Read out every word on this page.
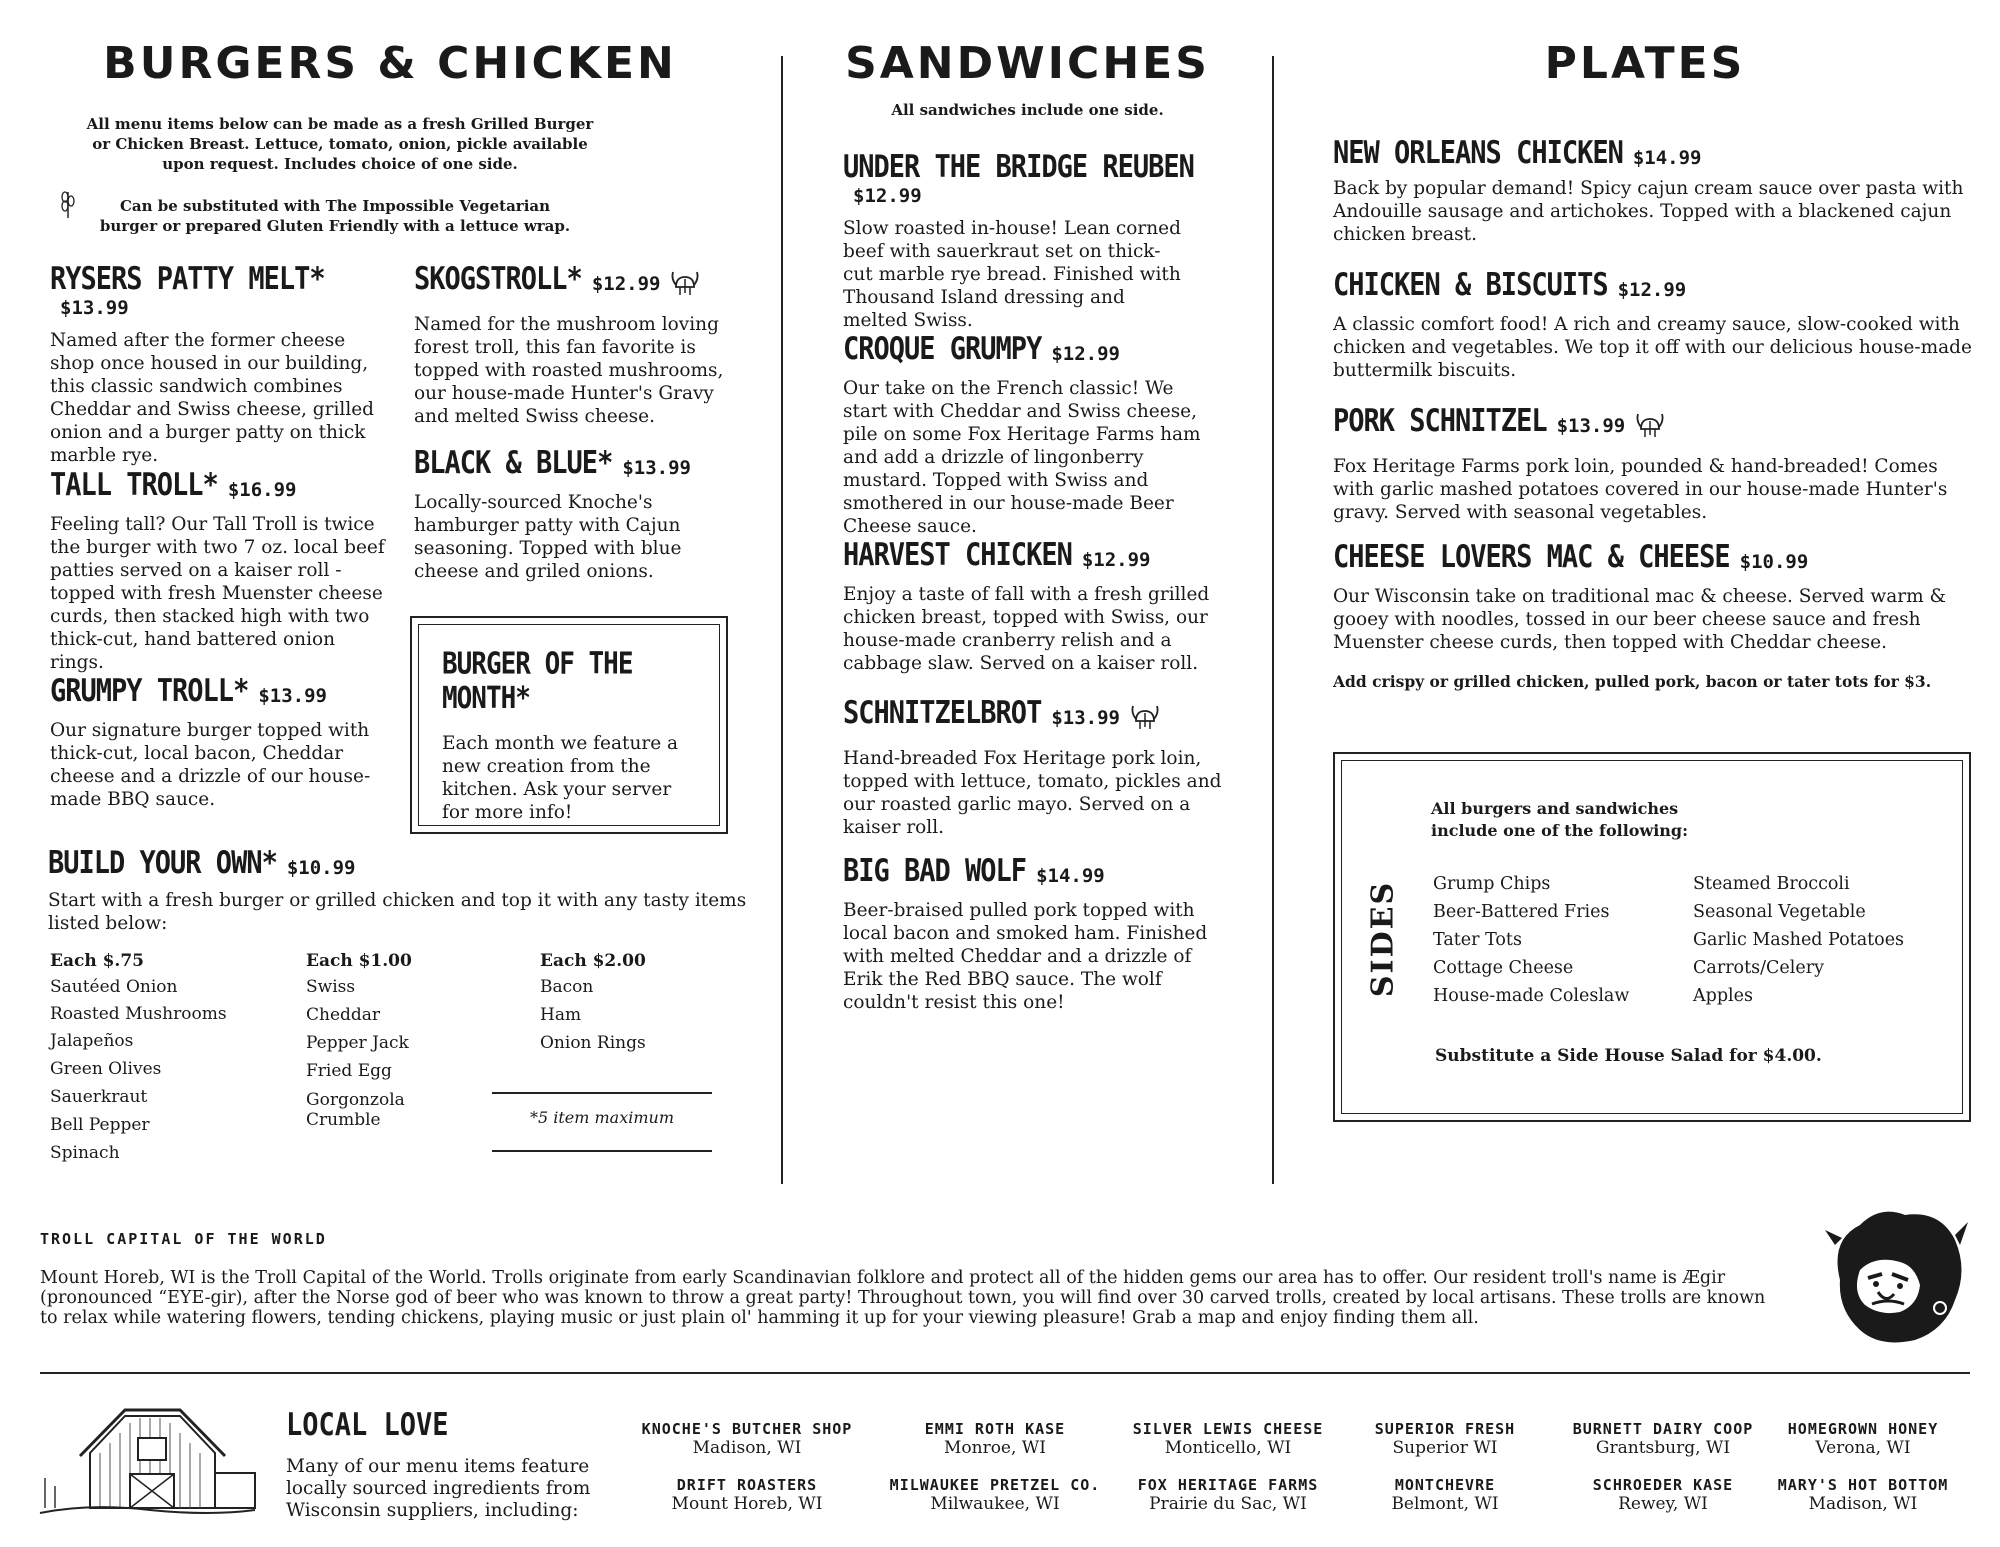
BURGERS & CHICKEN
All menu items below can be made as a fresh Grilled Burger or Chicken Breast. Lettuce, tomato, onion, pickle available upon request. Includes choice of one side.
Can be substituted with The Impossible Vegetarian burger or prepared Gluten Friendly with a lettuce wrap.
RYSERS PATTY MELT*$13.99

Named after the former cheese shop once housed in our building, this classic sandwich combines Cheddar and Swiss cheese, grilled onion and a burger patty on thick marble rye.

TALL TROLL* $16.99

Feeling tall? Our Tall Troll is twice the burger with two 7 oz. local beef patties served on a kaiser roll - topped with fresh Muenster cheese curds, then stacked high with two thick-cut, hand battered onion rings.

GRUMPY TROLL* $13.99

Our signature burger topped with thick-cut, local bacon, Cheddar cheese and a drizzle of our house-made BBQ sauce.

SKOGSTROLL* $12.99

Named for the mushroom loving forest troll, this fan favorite is topped with roasted mushrooms, our house-made Hunter's Gravy and melted Swiss cheese.

BLACK & BLUE* $13.99

Locally-sourced Knoche's hamburger patty with Cajun seasoning. Topped with blue cheese and griled onions.

BURGER OF THE MONTH*

Each month we feature a new creation from the kitchen. Ask your server for more info!

BUILD YOUR OWN* $10.99

Start with a fresh burger or grilled chicken and top it with any tasty items listed below:

Each $.75
Sautéed Onion
Roasted Mushrooms
Jalapeños
Green Olives
Sauerkraut
Bell Pepper
Spinach
Each $1.00
Swiss
Cheddar
Pepper Jack
Fried Egg
Gorgonzola Crumble
Each $2.00
Bacon
Ham
Onion Rings
*5 item maximum
SANDWICHES
All sandwiches include one side.
UNDER THE BRIDGE REUBEN$12.99

Slow roasted in-house! Lean corned beef with sauerkraut set on thick-cut marble rye bread. Finished with Thousand Island dressing and melted Swiss.

CROQUE GRUMPY $12.99

Our take on the French classic! We start with Cheddar and Swiss cheese, pile on some Fox Heritage Farms ham and add a drizzle of lingonberry mustard. Topped with Swiss and smothered in our house-made Beer Cheese sauce.

HARVEST CHICKEN $12.99

Enjoy a taste of fall with a fresh grilled chicken breast, topped with Swiss, our house-made cranberry relish and a cabbage slaw. Served on a kaiser roll.

SCHNITZELBROT $13.99

Hand-breaded Fox Heritage pork loin, topped with lettuce, tomato, pickles and our roasted garlic mayo. Served on a kaiser roll.

BIG BAD WOLF $14.99

Beer-braised pulled pork topped with local bacon and smoked ham. Finished with melted Cheddar and a drizzle of Erik the Red BBQ sauce. The wolf couldn't resist this one!

PLATES
NEW ORLEANS CHICKEN $14.99

Back by popular demand! Spicy cajun cream sauce over pasta with Andouille sausage and artichokes. Topped with a blackened cajun chicken breast.

CHICKEN & BISCUITS $12.99

A classic comfort food! A rich and creamy sauce, slow-cooked with chicken and vegetables. We top it off with our delicious house-made buttermilk biscuits.

PORK SCHNITZEL $13.99

Fox Heritage Farms pork loin, pounded & hand-breaded! Comes with garlic mashed potatoes covered in our house-made Hunter's gravy. Served with seasonal vegetables.

CHEESE LOVERS MAC & CHEESE $10.99

Our Wisconsin take on traditional mac & cheese. Served warm & gooey with noodles, tossed in our beer cheese sauce and fresh Muenster cheese curds, then topped with Cheddar cheese.

Add crispy or grilled chicken, pulled pork, bacon or tater tots for $3.
SIDES
All burgers and sandwiches include one of the following:
Grump Chips
Beer-Battered Fries
Tater Tots
Cottage Cheese
House-made Coleslaw
Steamed Broccoli
Seasonal Vegetable
Garlic Mashed Potatoes
Carrots/Celery
Apples
Substitute a Side House Salad for $4.00.
TROLL CAPITAL OF THE WORLD

Mount Horeb, WI is the Troll Capital of the World. Trolls originate from early Scandinavian folklore and protect all of the hidden gems our area has to offer. Our resident troll's name is Ægir (pronounced “EYE-gir), after the Norse god of beer who was known to throw a great party! Throughout town, you will find over 30 carved trolls, created by local artisans. These trolls are known to relax while watering flowers, tending chickens, playing music or just plain ol' hamming it up for your viewing pleasure! Grab a map and enjoy finding them all.

LOCAL LOVE

Many of our menu items feature locally sourced ingredients from Wisconsin suppliers, including:

KNOCHE'S BUTCHER SHOP
Madison, WI
EMMI ROTH KASE
Monroe, WI
SILVER LEWIS CHEESE
Monticello, WI
SUPERIOR FRESH
Superior WI
BURNETT DAIRY COOP
Grantsburg, WI
HOMEGROWN HONEY
Verona, WI
DRIFT ROASTERS
Mount Horeb, WI
MILWAUKEE PRETZEL CO.
Milwaukee, WI
FOX HERITAGE FARMS
Prairie du Sac, WI
MONTCHEVRE
Belmont, WI
SCHROEDER KASE
Rewey, WI
MARY'S HOT BOTTOM
Madison, WI
